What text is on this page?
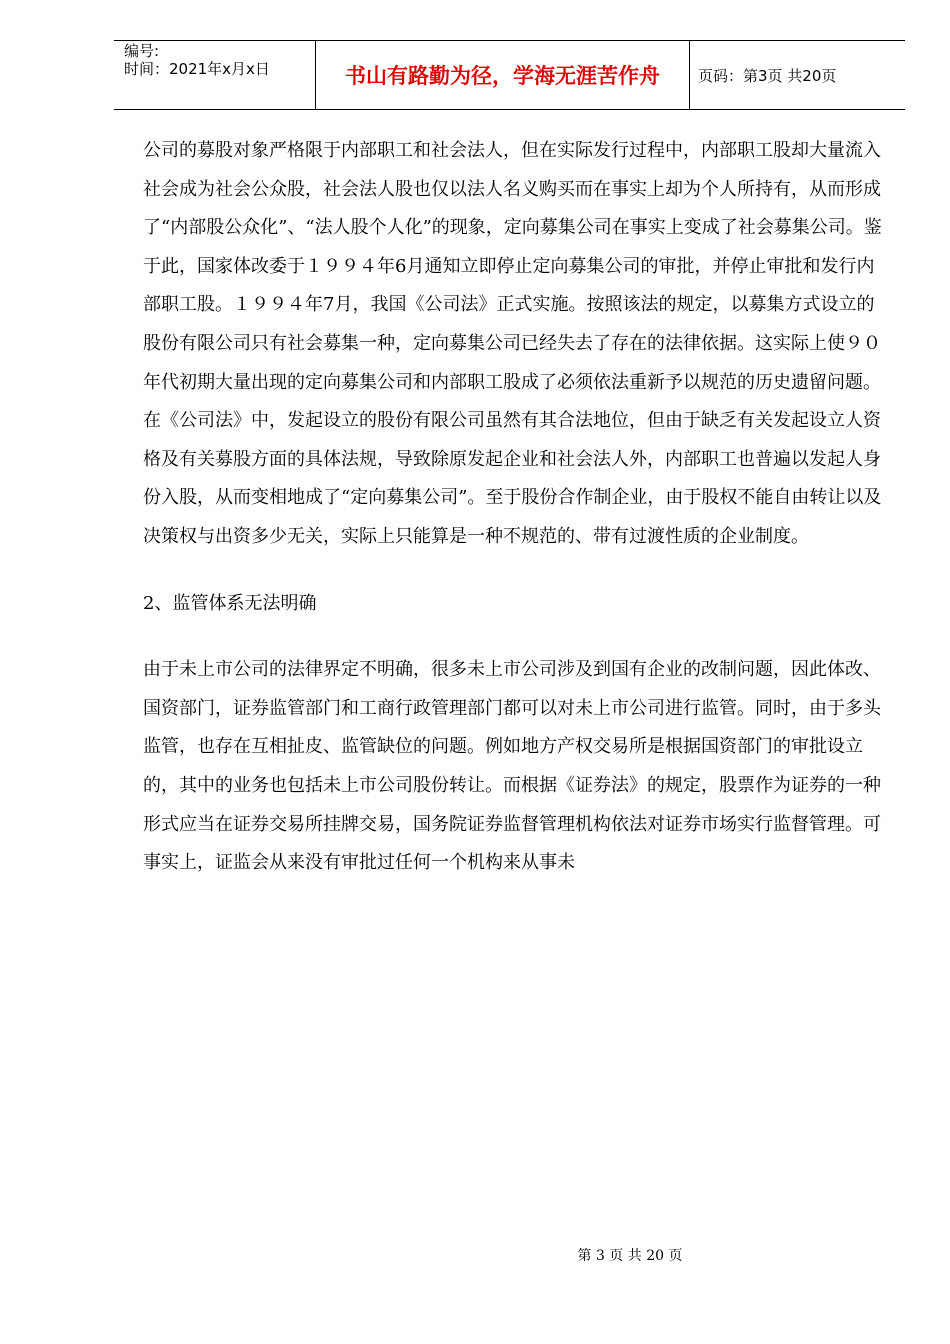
编号:
时间：2021年x月x日	书山有路勤为径，学海无涯苦作舟	页码：第3页 共20页

公司的募股对象严格限于内部职工和社会法人，但在实际发行过程中，内部职工股却大量流入社会成为社会公众股，社会法人股也仅以法人名义购买而在事实上却为个人所持有，从而形成了“内部股公众化”、“法人股个人化”的现象，定向募集公司在事实上变成了社会募集公司。鉴于此，国家体改委于１９９４年6月通知立即停止定向募集公司的审批，并停止审批和发行内部职工股。１９９４年7月，我国《公司法》正式实施。按照该法的规定，以募集方式设立的股份有限公司只有社会募集一种，定向募集公司已经失去了存在的法律依据。这实际上使９０年代初期大量出现的定向募集公司和内部职工股成了必须依法重新予以规范的历史遗留问题。在《公司法》中，发起设立的股份有限公司虽然有其合法地位，但由于缺乏有关发起设立人资格及有关募股方面的具体法规，导致除原发起企业和社会法人外，内部职工也普遍以发起人身份入股，从而变相地成了“定向募集公司”。至于股份合作制企业，由于股权不能自由转让以及决策权与出资多少无关，实际上只能算是一种不规范的、带有过渡性质的企业制度。

2、监管体系无法明确

由于未上市公司的法律界定不明确，很多未上市公司涉及到国有企业的改制问题，因此体改、国资部门，证券监管部门和工商行政管理部门都可以对未上市公司进行监管。同时，由于多头监管，也存在互相扯皮、监管缺位的问题。例如地方产权交易所是根据国资部门的审批设立的，其中的业务也包括未上市公司股份转让。而根据《证券法》的规定，股票作为证券的一种形式应当在证券交易所挂牌交易，国务院证券监督管理机构依法对证券市场实行监督管理。可事实上，证监会从来没有审批过任何一个机构来从事未

第 3 页 共 20 页
